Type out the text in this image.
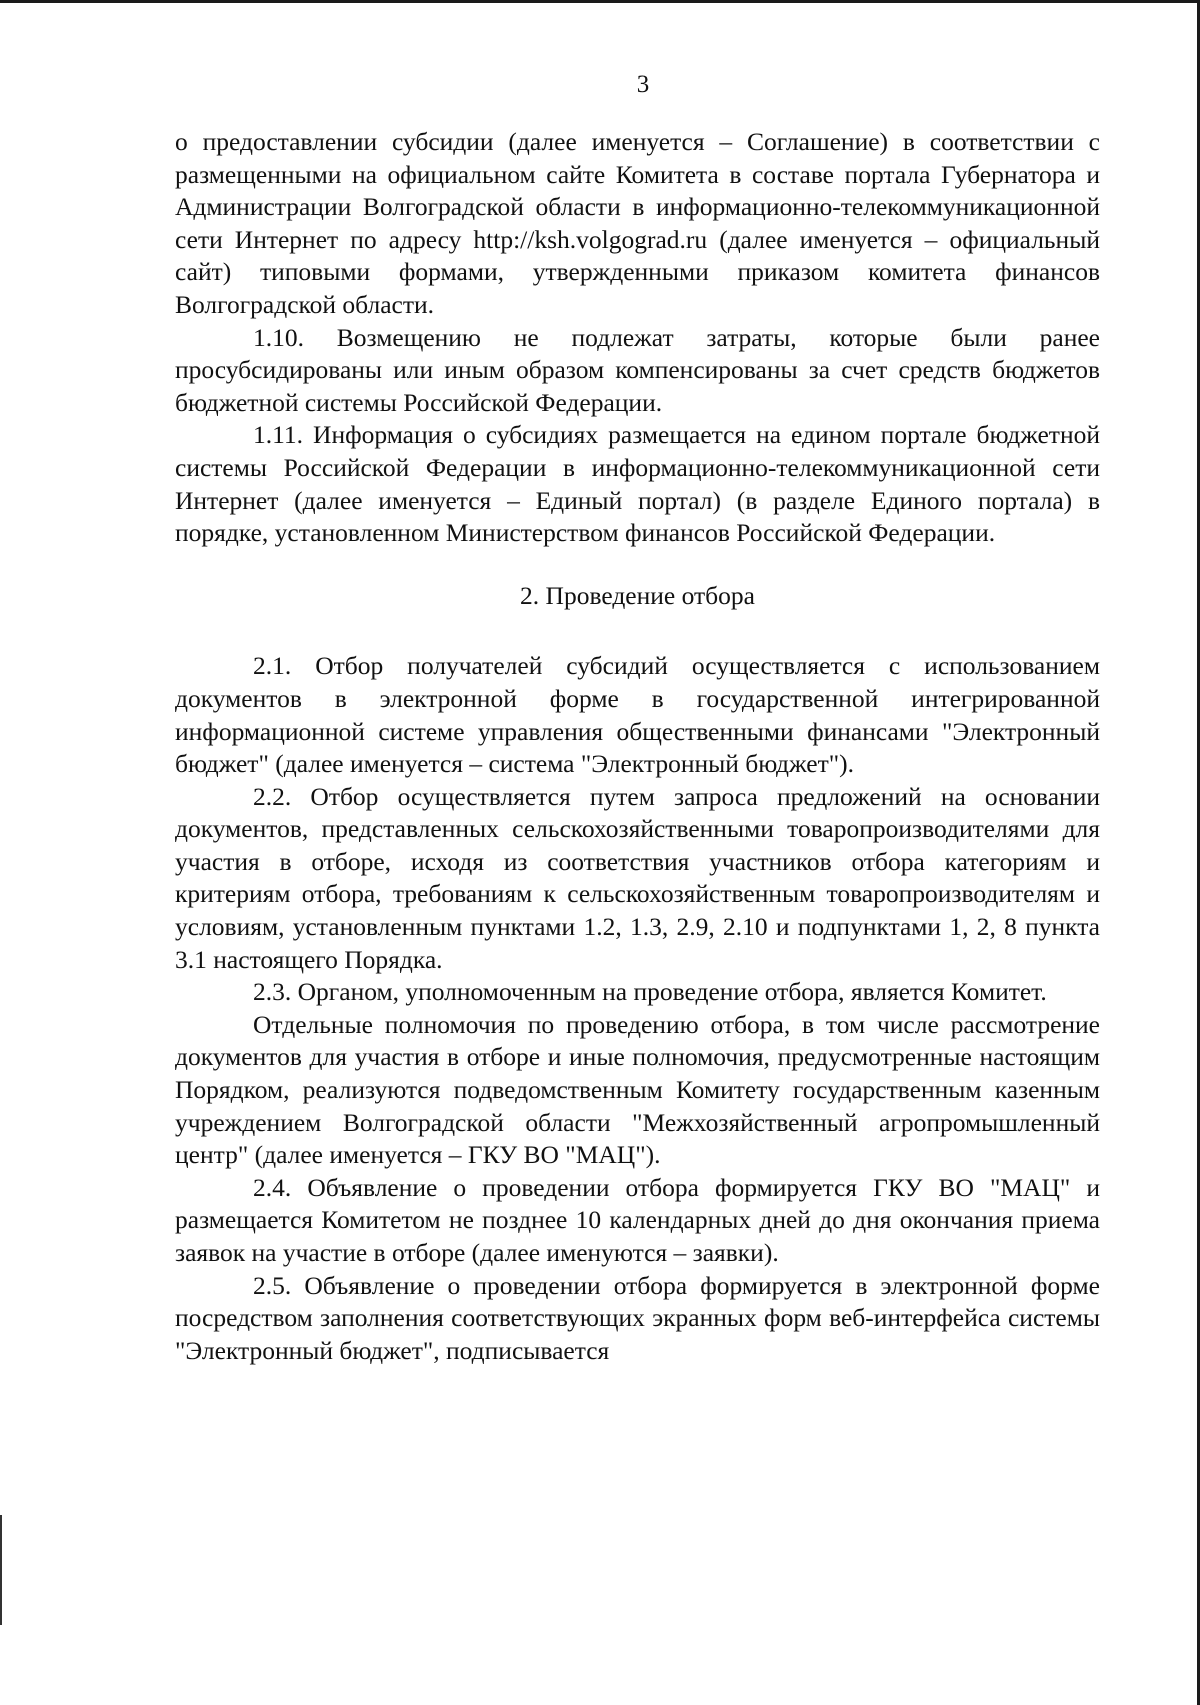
3

о предоставлении субсидии (далее именуется – Соглашение) в соответствии с размещенными на официальном сайте Комитета в составе портала Губернатора и Администрации Волгоградской области в информационно-телекоммуникационной сети Интернет по адресу http://ksh.volgograd.ru (далее именуется – официальный сайт) типовыми формами, утвержденными приказом комитета финансов Волгоградской области.

1.10. Возмещению не подлежат затраты, которые были ранее просубсидированы или иным образом компенсированы за счет средств бюджетов бюджетной системы Российской Федерации.

1.11. Информация о субсидиях размещается на едином портале бюджетной системы Российской Федерации в информационно-телекоммуникационной сети Интернет (далее именуется – Единый портал) (в разделе Единого портала) в порядке, установленном Министерством финансов Российской Федерации.

2. Проведение отбора

2.1. Отбор получателей субсидий осуществляется с использованием документов в электронной форме в государственной интегрированной информационной системе управления общественными финансами "Электронный бюджет" (далее именуется – система "Электронный бюджет").

2.2. Отбор осуществляется путем запроса предложений на основании документов, представленных сельскохозяйственными товаропроизводителями для участия в отборе, исходя из соответствия участников отбора категориям и критериям отбора, требованиям к сельскохозяйственным товаропроизводителям и условиям, установленным пунктами 1.2, 1.3, 2.9, 2.10 и подпунктами 1, 2, 8 пункта 3.1 настоящего Порядка.

2.3. Органом, уполномоченным на проведение отбора, является Комитет.

Отдельные полномочия по проведению отбора, в том числе рассмотрение документов для участия в отборе и иные полномочия, предусмотренные настоящим Порядком, реализуются подведомственным Комитету государственным казенным учреждением Волгоградской области "Межхозяйственный агропромышленный центр" (далее именуется – ГКУ ВО "МАЦ").

2.4. Объявление о проведении отбора формируется ГКУ ВО "МАЦ" и размещается Комитетом не позднее 10 календарных дней до дня окончания приема заявок на участие в отборе (далее именуются – заявки).

2.5. Объявление о проведении отбора формируется в электронной форме посредством заполнения соответствующих экранных форм веб-интерфейса системы "Электронный бюджет", подписывается
